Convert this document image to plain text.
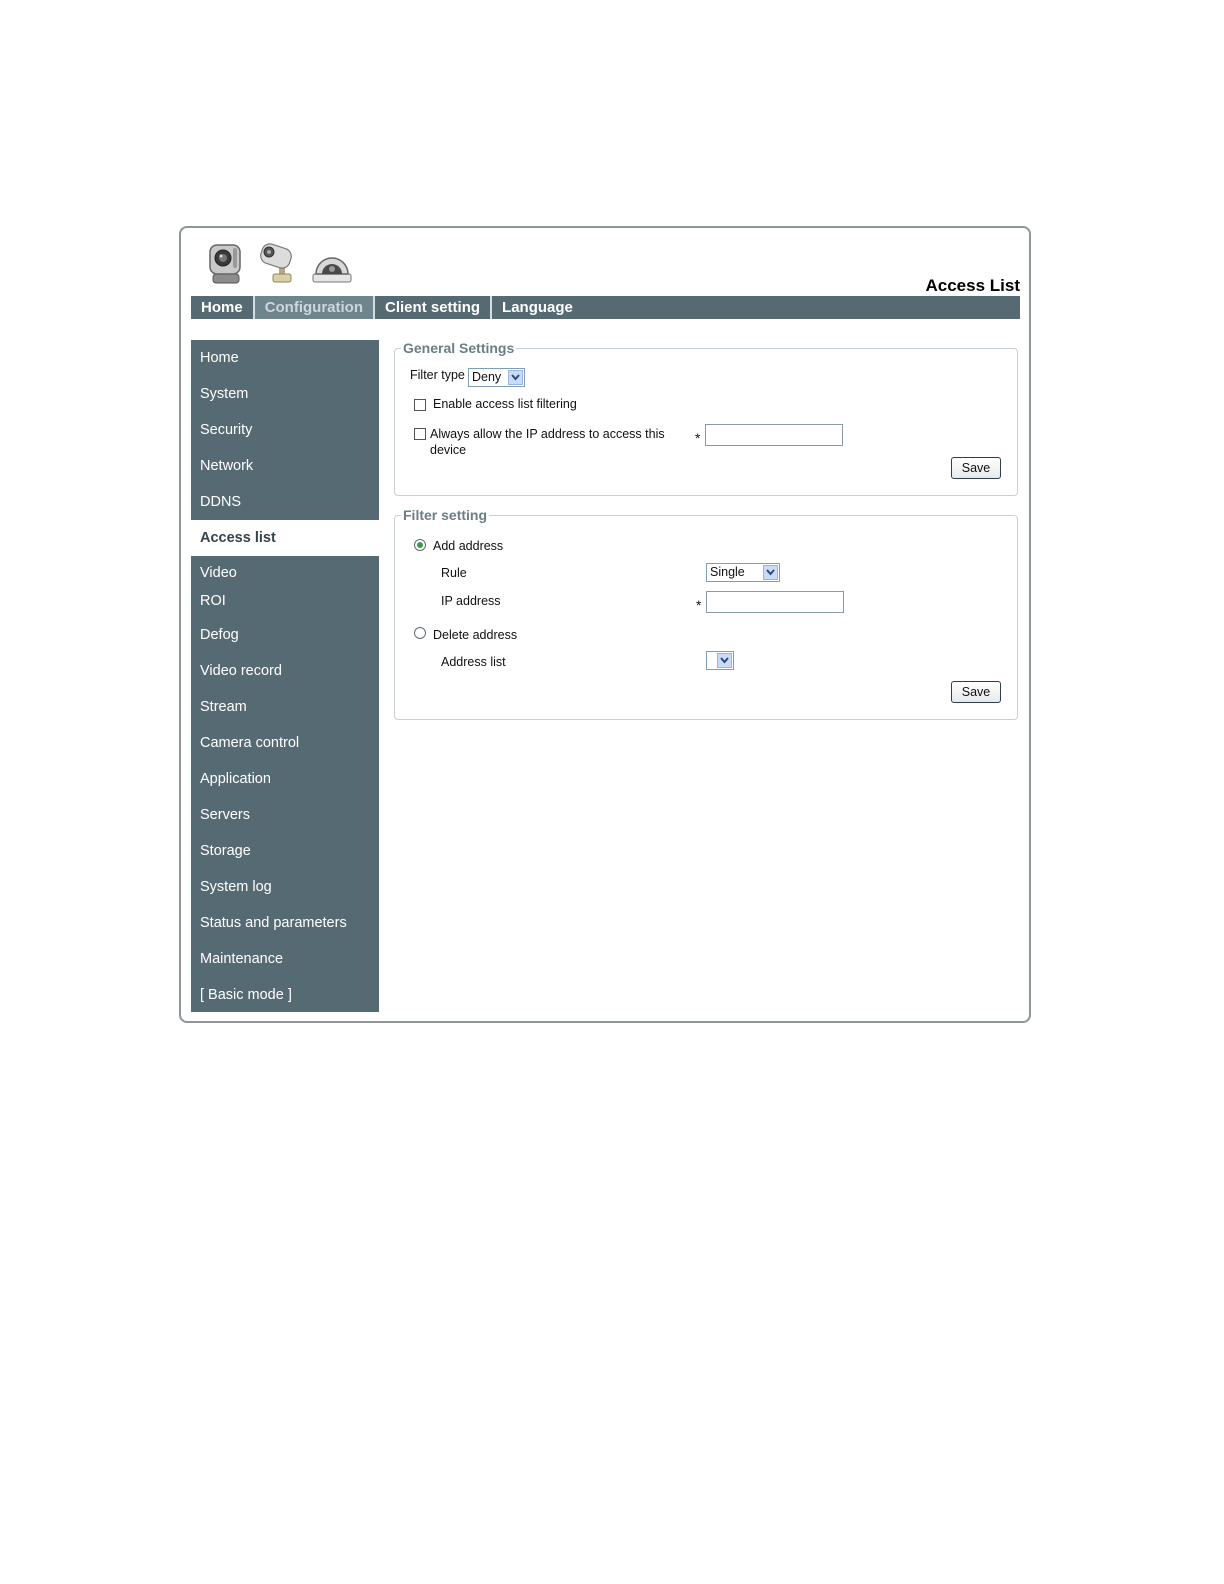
Access List
Home	Configuration	Client setting	Language
Home
System
Security
Network
DDNS
Access list
Video
ROI
Defog
Video record
Stream
Camera control
Application
Servers
Storage
System log
Status and parameters
Maintenance
[ Basic mode ]
General Settings
Filter type Deny
Enable access list filtering
Always allow the IP address to access this
device
*
Save
Filter setting
Add address
Rule	Single
IP address	*
Delete address
Address list
Save
